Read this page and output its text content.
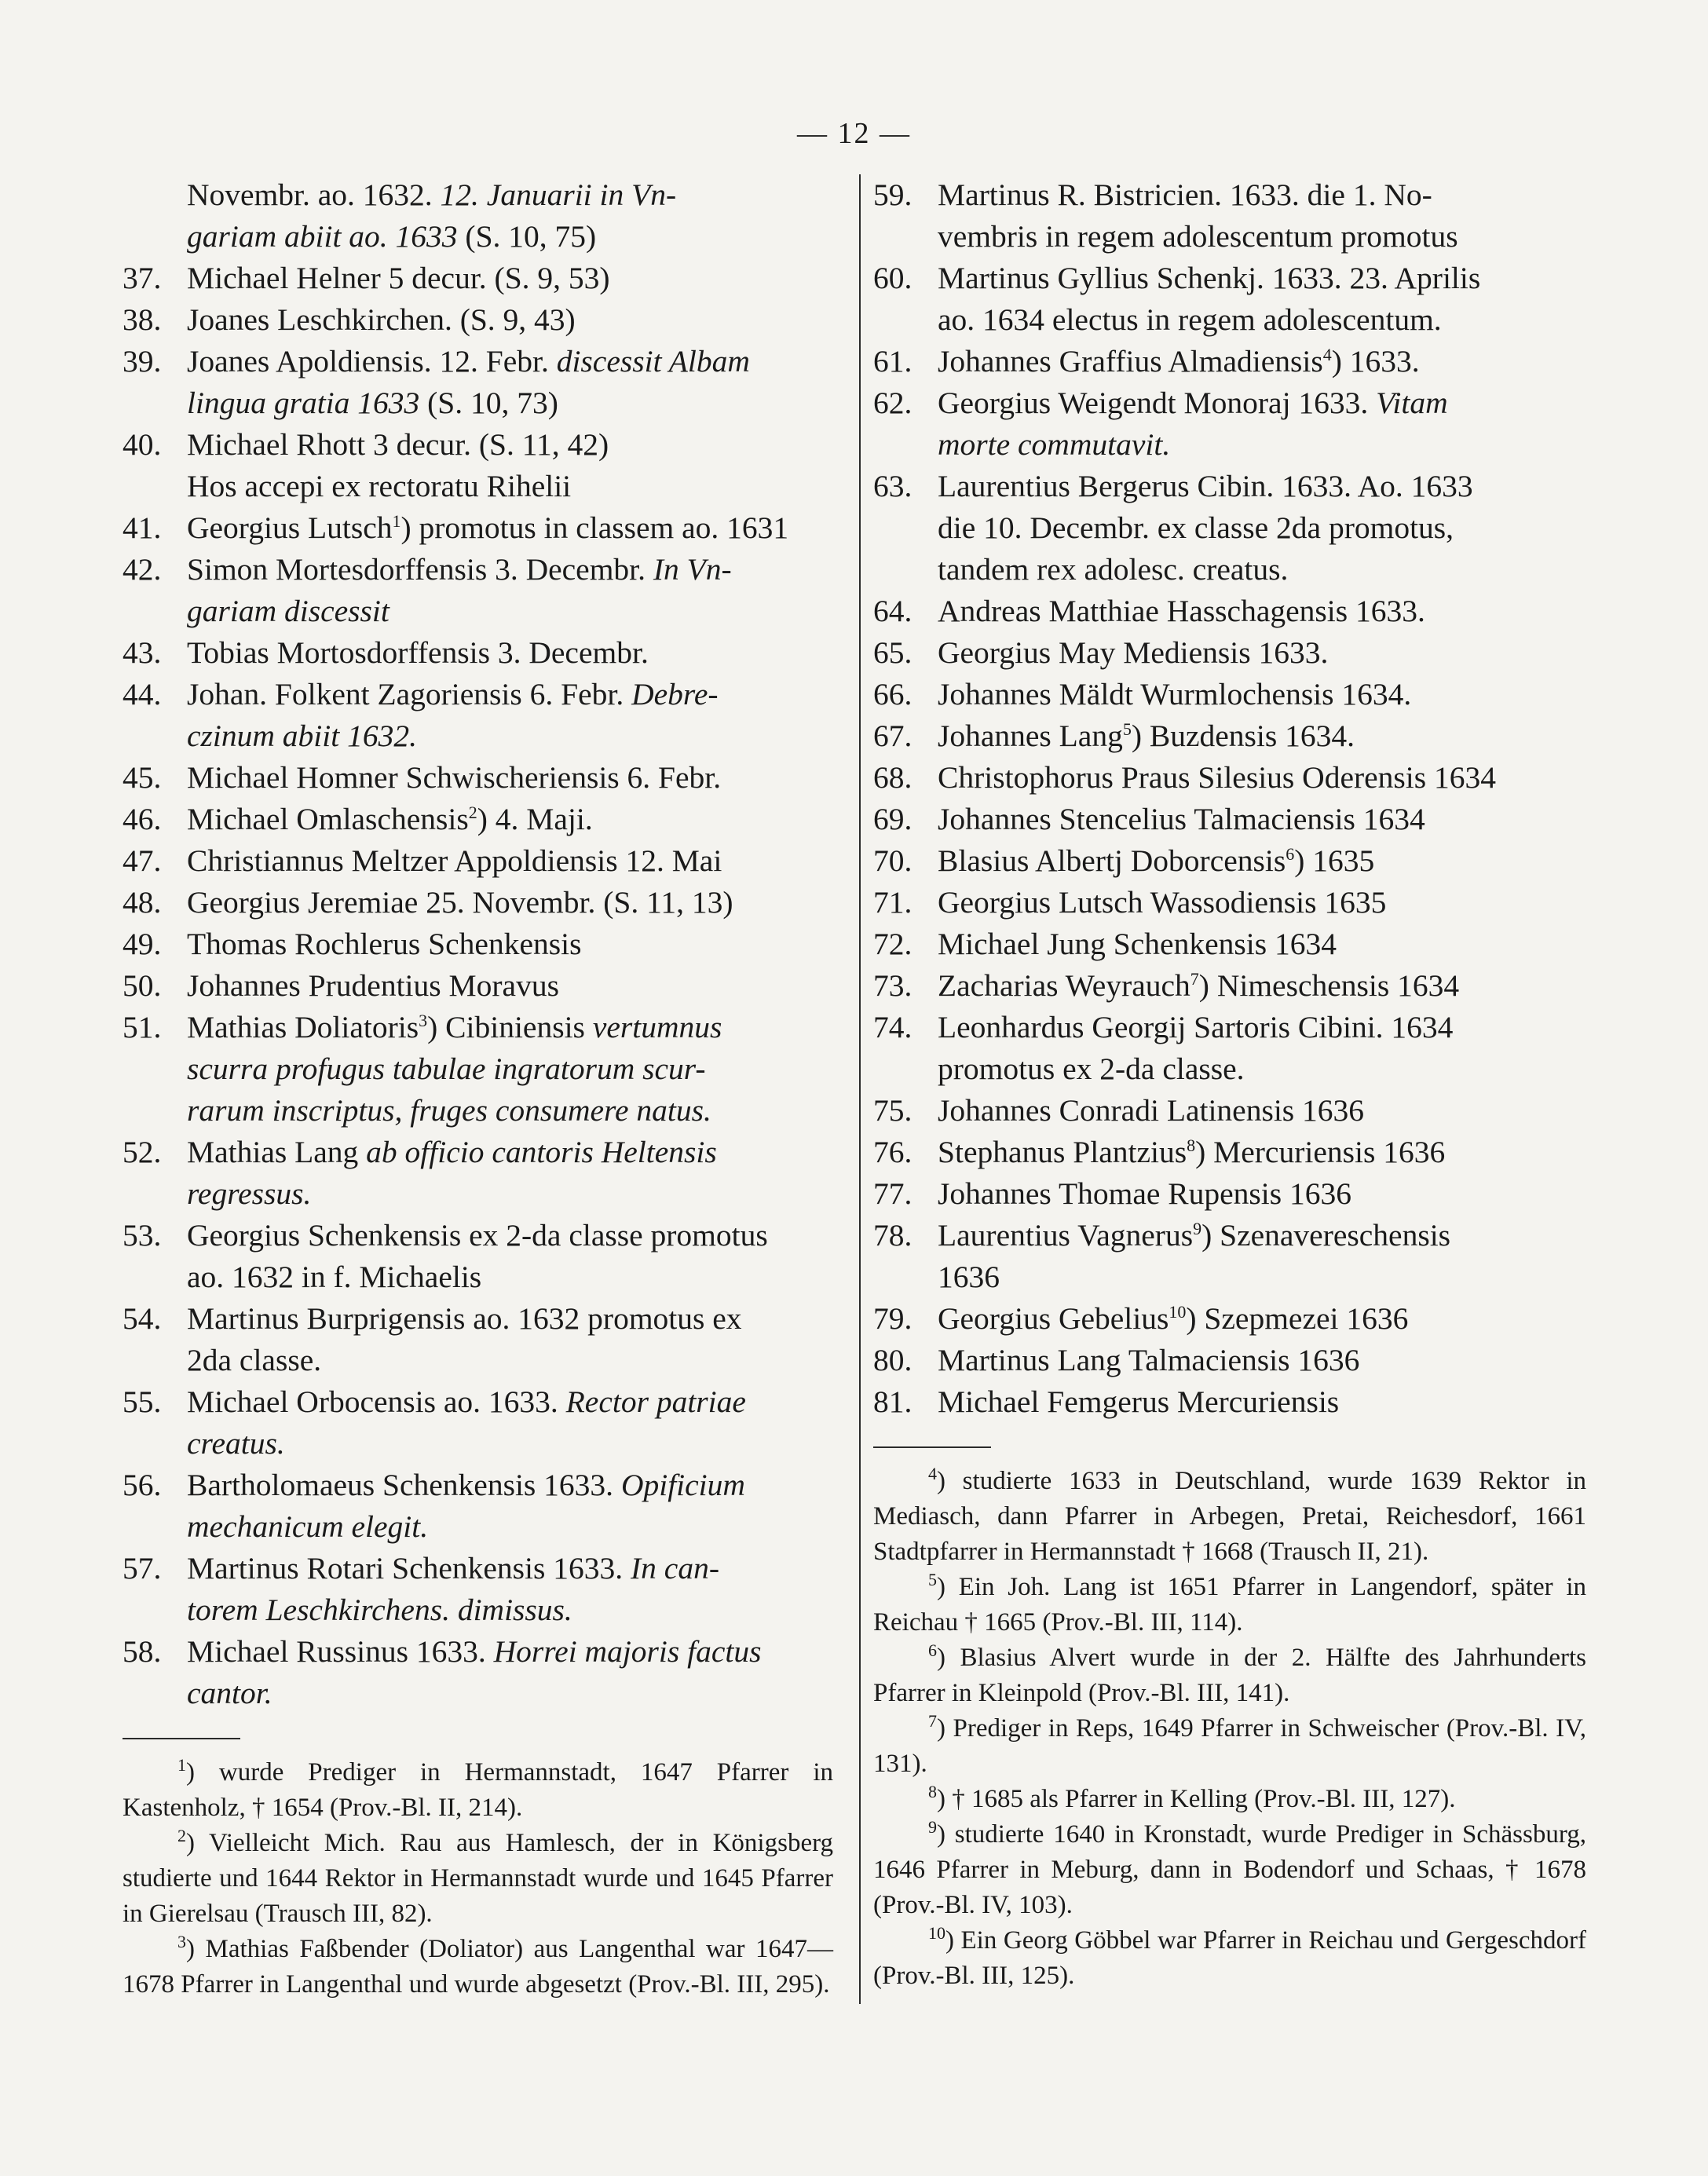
— 12 —
Novembr. ao. 1632. 12. Januarii in Vn-
gariam abiit ao. 1633 (S. 10, 75)
37. Michael Helner 5 decur. (S. 9, 53)
38. Joanes Leschkirchen. (S. 9, 43)
39. Joanes Apoldiensis. 12. Febr. discessit Albam
lingua gratia 1633 (S. 10, 73)
40. Michael Rhott 3 decur. (S. 11, 42)
Hos accepi ex rectoratu Rihelii
41. Georgius Lutsch$^1$) promotus in classem ao. 1631
42. Simon Mortesdorffensis 3. Decembr. In Vn-
gariam discessit
43. Tobias Mortosdorffensis 3. Decembr.
44. Johan. Folkent Zagoriensis 6. Febr. Debre-
czinum abiit 1632.
45. Michael Homner Schwischeriensis 6. Febr.
46. Michael Omlaschensis$^2$) 4. Maji.
47. Christiannus Meltzer Appoldiensis 12. Mai
48. Georgius Jeremiae 25. Novembr. (S. 11, 13)
49. Thomas Rochlerus Schenkensis
50. Johannes Prudentius Moravus
51. Mathias Doliatoris$^3$) Cibiniensis vertumnus
scurra profugus tabulae ingratorum scur-
rarum inscriptus, fruges consumere natus.
52. Mathias Lang ab officio cantoris Heltensis
regressus.
53. Georgius Schenkensis ex 2-da classe promotus
ao. 1632 in f. Michaelis
54. Martinus Burprigensis ao. 1632 promotus ex
2da classe.
55. Michael Orbocensis ao. 1633. Rector patriae
creatus.
56. Bartholomaeus Schenkensis 1633. Opificium
mechanicum elegit.
57. Martinus Rotari Schenkensis 1633. In can-
torem Leschkirchens. dimissus.
58. Michael Russinus 1633. Horrei majoris factus
cantor.
$^1$) wurde Prediger in Hermannstadt, 1647 Pfarrer in Kastenholz, † 1654 (Prov.-Bl. II, 214).
$^2$) Vielleicht Mich. Rau aus Hamlesch, der in Königsberg studierte und 1644 Rektor in Hermannstadt wurde und 1645 Pfarrer in Gierelsau (Trausch III, 82).
$^3$) Mathias Faßbender (Doliator) aus Langenthal war 1647—1678 Pfarrer in Langenthal und wurde abgesetzt (Prov.-Bl. III, 295).
59. Martinus R. Bistricien. 1633. die 1. No-
vembris in regem adolescentum promotus
60. Martinus Gyllius Schenkj. 1633. 23. Aprilis
ao. 1634 electus in regem adolescentum.
61. Johannes Graffius Almadiensis$^4$) 1633.
62. Georgius Weigendt Monoraj 1633. Vitam
morte commutavit.
63. Laurentius Bergerus Cibin. 1633. Ao. 1633
die 10. Decembr. ex classe 2da promotus,
tandem rex adolesc. creatus.
64. Andreas Matthiae Hasschagensis 1633.
65. Georgius May Mediensis 1633.
66. Johannes Mäldt Wurmlochensis 1634.
67. Johannes Lang$^5$) Buzdensis 1634.
68. Christophorus Praus Silesius Oderensis 1634
69. Johannes Stencelius Talmaciensis 1634
70. Blasius Albertj Doborcensis$^6$) 1635
71. Georgius Lutsch Wassodiensis 1635
72. Michael Jung Schenkensis 1634
73. Zacharias Weyrauch$^7$) Nimeschensis 1634
74. Leonhardus Georgij Sartoris Cibini. 1634
promotus ex 2-da classe.
75. Johannes Conradi Latinensis 1636
76. Stephanus Plantzius$^8$) Mercuriensis 1636
77. Johannes Thomae Rupensis 1636
78. Laurentius Vagnerus$^9$) Szenavereschensis
1636
79. Georgius Gebelius$^{10}$) Szepmezei 1636
80. Martinus Lang Talmaciensis 1636
81. Michael Femgerus Mercuriensis
$^4$) studierte 1633 in Deutschland, wurde 1639 Rektor in Mediasch, dann Pfarrer in Arbegen, Pretai, Reichesdorf, 1661 Stadtpfarrer in Hermannstadt † 1668 (Trausch II, 21).
$^5$) Ein Joh. Lang ist 1651 Pfarrer in Langendorf, später in Reichau † 1665 (Prov.-Bl. III, 114).
$^6$) Blasius Alvert wurde in der 2. Hälfte des Jahrhunderts Pfarrer in Kleinpold (Prov.-Bl. III, 141).
$^7$) Prediger in Reps, 1649 Pfarrer in Schweischer (Prov.-Bl. IV, 131).
$^8$) † 1685 als Pfarrer in Kelling (Prov.-Bl. III, 127).
$^9$) studierte 1640 in Kronstadt, wurde Prediger in Schässburg, 1646 Pfarrer in Meburg, dann in Bodendorf und Schaas, † 1678 (Prov.-Bl. IV, 103).
$^{10}$) Ein Georg Göbbel war Pfarrer in Reichau und Gergeschdorf (Prov.-Bl. III, 125).
